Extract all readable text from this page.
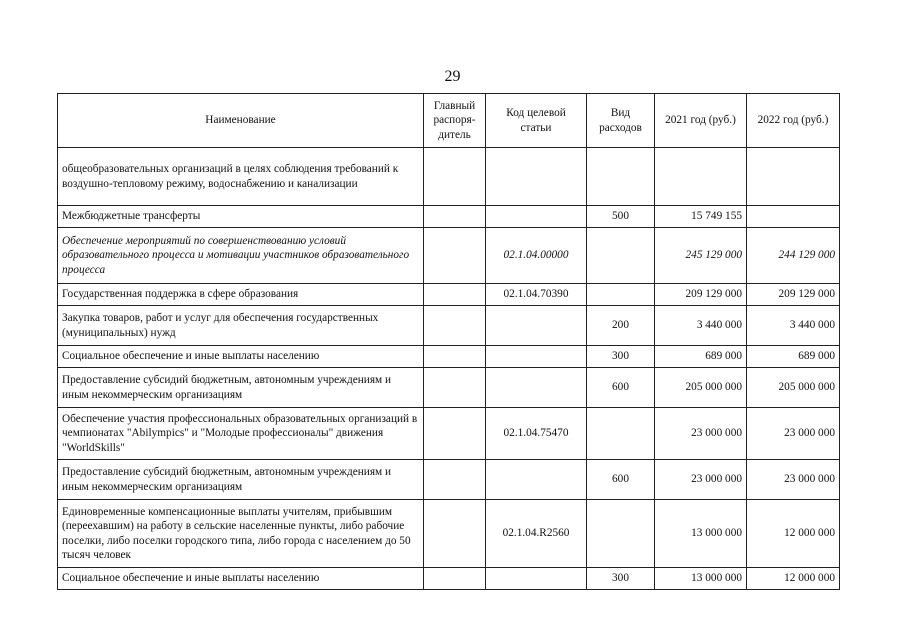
29
Наименование	Главный распоря-дитель	Код целевой статьи	Вид расходов	2021 год (руб.)	2022 год (руб.)
общеобразовательных организаций в целях соблюдения требований к воздушно-тепловому режиму, водоснабжению и канализации					
Межбюджетные трансферты			500	15 749 155	
Обеспечение мероприятий по совершенствованию условий образовательного процесса и мотивации участников образовательного процесса		02.1.04.00000		245 129 000	244 129 000
Государственная поддержка в сфере образования		02.1.04.70390		209 129 000	209 129 000
Закупка товаров, работ и услуг для обеспечения государственных (муниципальных) нужд			200	3 440 000	3 440 000
Социальное обеспечение и иные выплаты населению			300	689 000	689 000
Предоставление субсидий бюджетным, автономным учреждениям и иным некоммерческим организациям			600	205 000 000	205 000 000
Обеспечение участия профессиональных образовательных организаций в чемпионатах "Abilympics" и "Молодые профессионалы" движения "WorldSkills"		02.1.04.75470		23 000 000	23 000 000
Предоставление субсидий бюджетным, автономным учреждениям и иным некоммерческим организациям			600	23 000 000	23 000 000
Единовременные компенсационные выплаты учителям, прибывшим (переехавшим) на работу в сельские населенные пункты, либо рабочие поселки, либо поселки городского типа, либо города с населением до 50 тысяч человек		02.1.04.R2560		13 000 000	12 000 000
Социальное обеспечение и иные выплаты населению			300	13 000 000	12 000 000
